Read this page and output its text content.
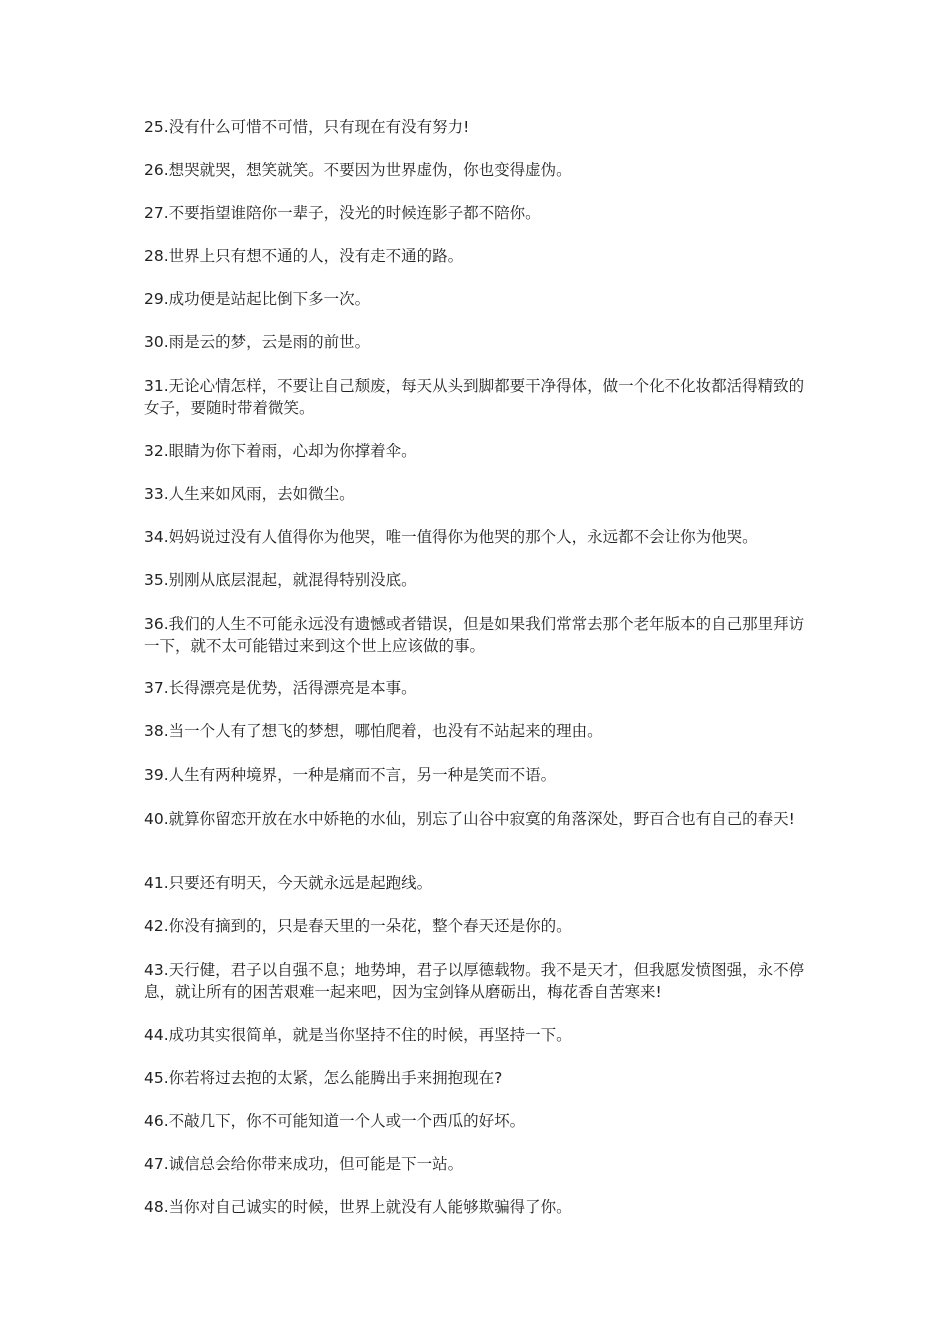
25.没有什么可惜不可惜，只有现在有没有努力!

26.想哭就哭，想笑就笑。不要因为世界虚伪，你也变得虚伪。

27.不要指望谁陪你一辈子，没光的时候连影子都不陪你。

28.世界上只有想不通的人，没有走不通的路。

29.成功便是站起比倒下多一次。

30.雨是云的梦，云是雨的前世。

31.无论心情怎样，不要让自己颓废，每天从头到脚都要干净得体，做一个化不化妆都活得精致的女子，要随时带着微笑。

32.眼睛为你下着雨，心却为你撑着伞。

33.人生来如风雨，去如微尘。

34.妈妈说过没有人值得你为他哭，唯一值得你为他哭的那个人，永远都不会让你为他哭。

35.别刚从底层混起，就混得特别没底。

36.我们的人生不可能永远没有遗憾或者错误，但是如果我们常常去那个老年版本的自己那里拜访一下，就不太可能错过来到这个世上应该做的事。

37.长得漂亮是优势，活得漂亮是本事。

38.当一个人有了想飞的梦想，哪怕爬着，也没有不站起来的理由。

39.人生有两种境界，一种是痛而不言，另一种是笑而不语。

40.就算你留恋开放在水中娇艳的水仙，别忘了山谷中寂寞的角落深处，野百合也有自己的春天!

41.只要还有明天，今天就永远是起跑线。

42.你没有摘到的，只是春天里的一朵花，整个春天还是你的。

43.天行健，君子以自强不息；地势坤，君子以厚德载物。我不是天才，但我愿发愤图强，永不停息，就让所有的困苦艰难一起来吧，因为宝剑锋从磨砺出，梅花香自苦寒来!

44.成功其实很简单，就是当你坚持不住的时候，再坚持一下。

45.你若将过去抱的太紧，怎么能腾出手来拥抱现在?

46.不敲几下，你不可能知道一个人或一个西瓜的好坏。

47.诚信总会给你带来成功，但可能是下一站。

48.当你对自己诚实的时候，世界上就没有人能够欺骗得了你。
